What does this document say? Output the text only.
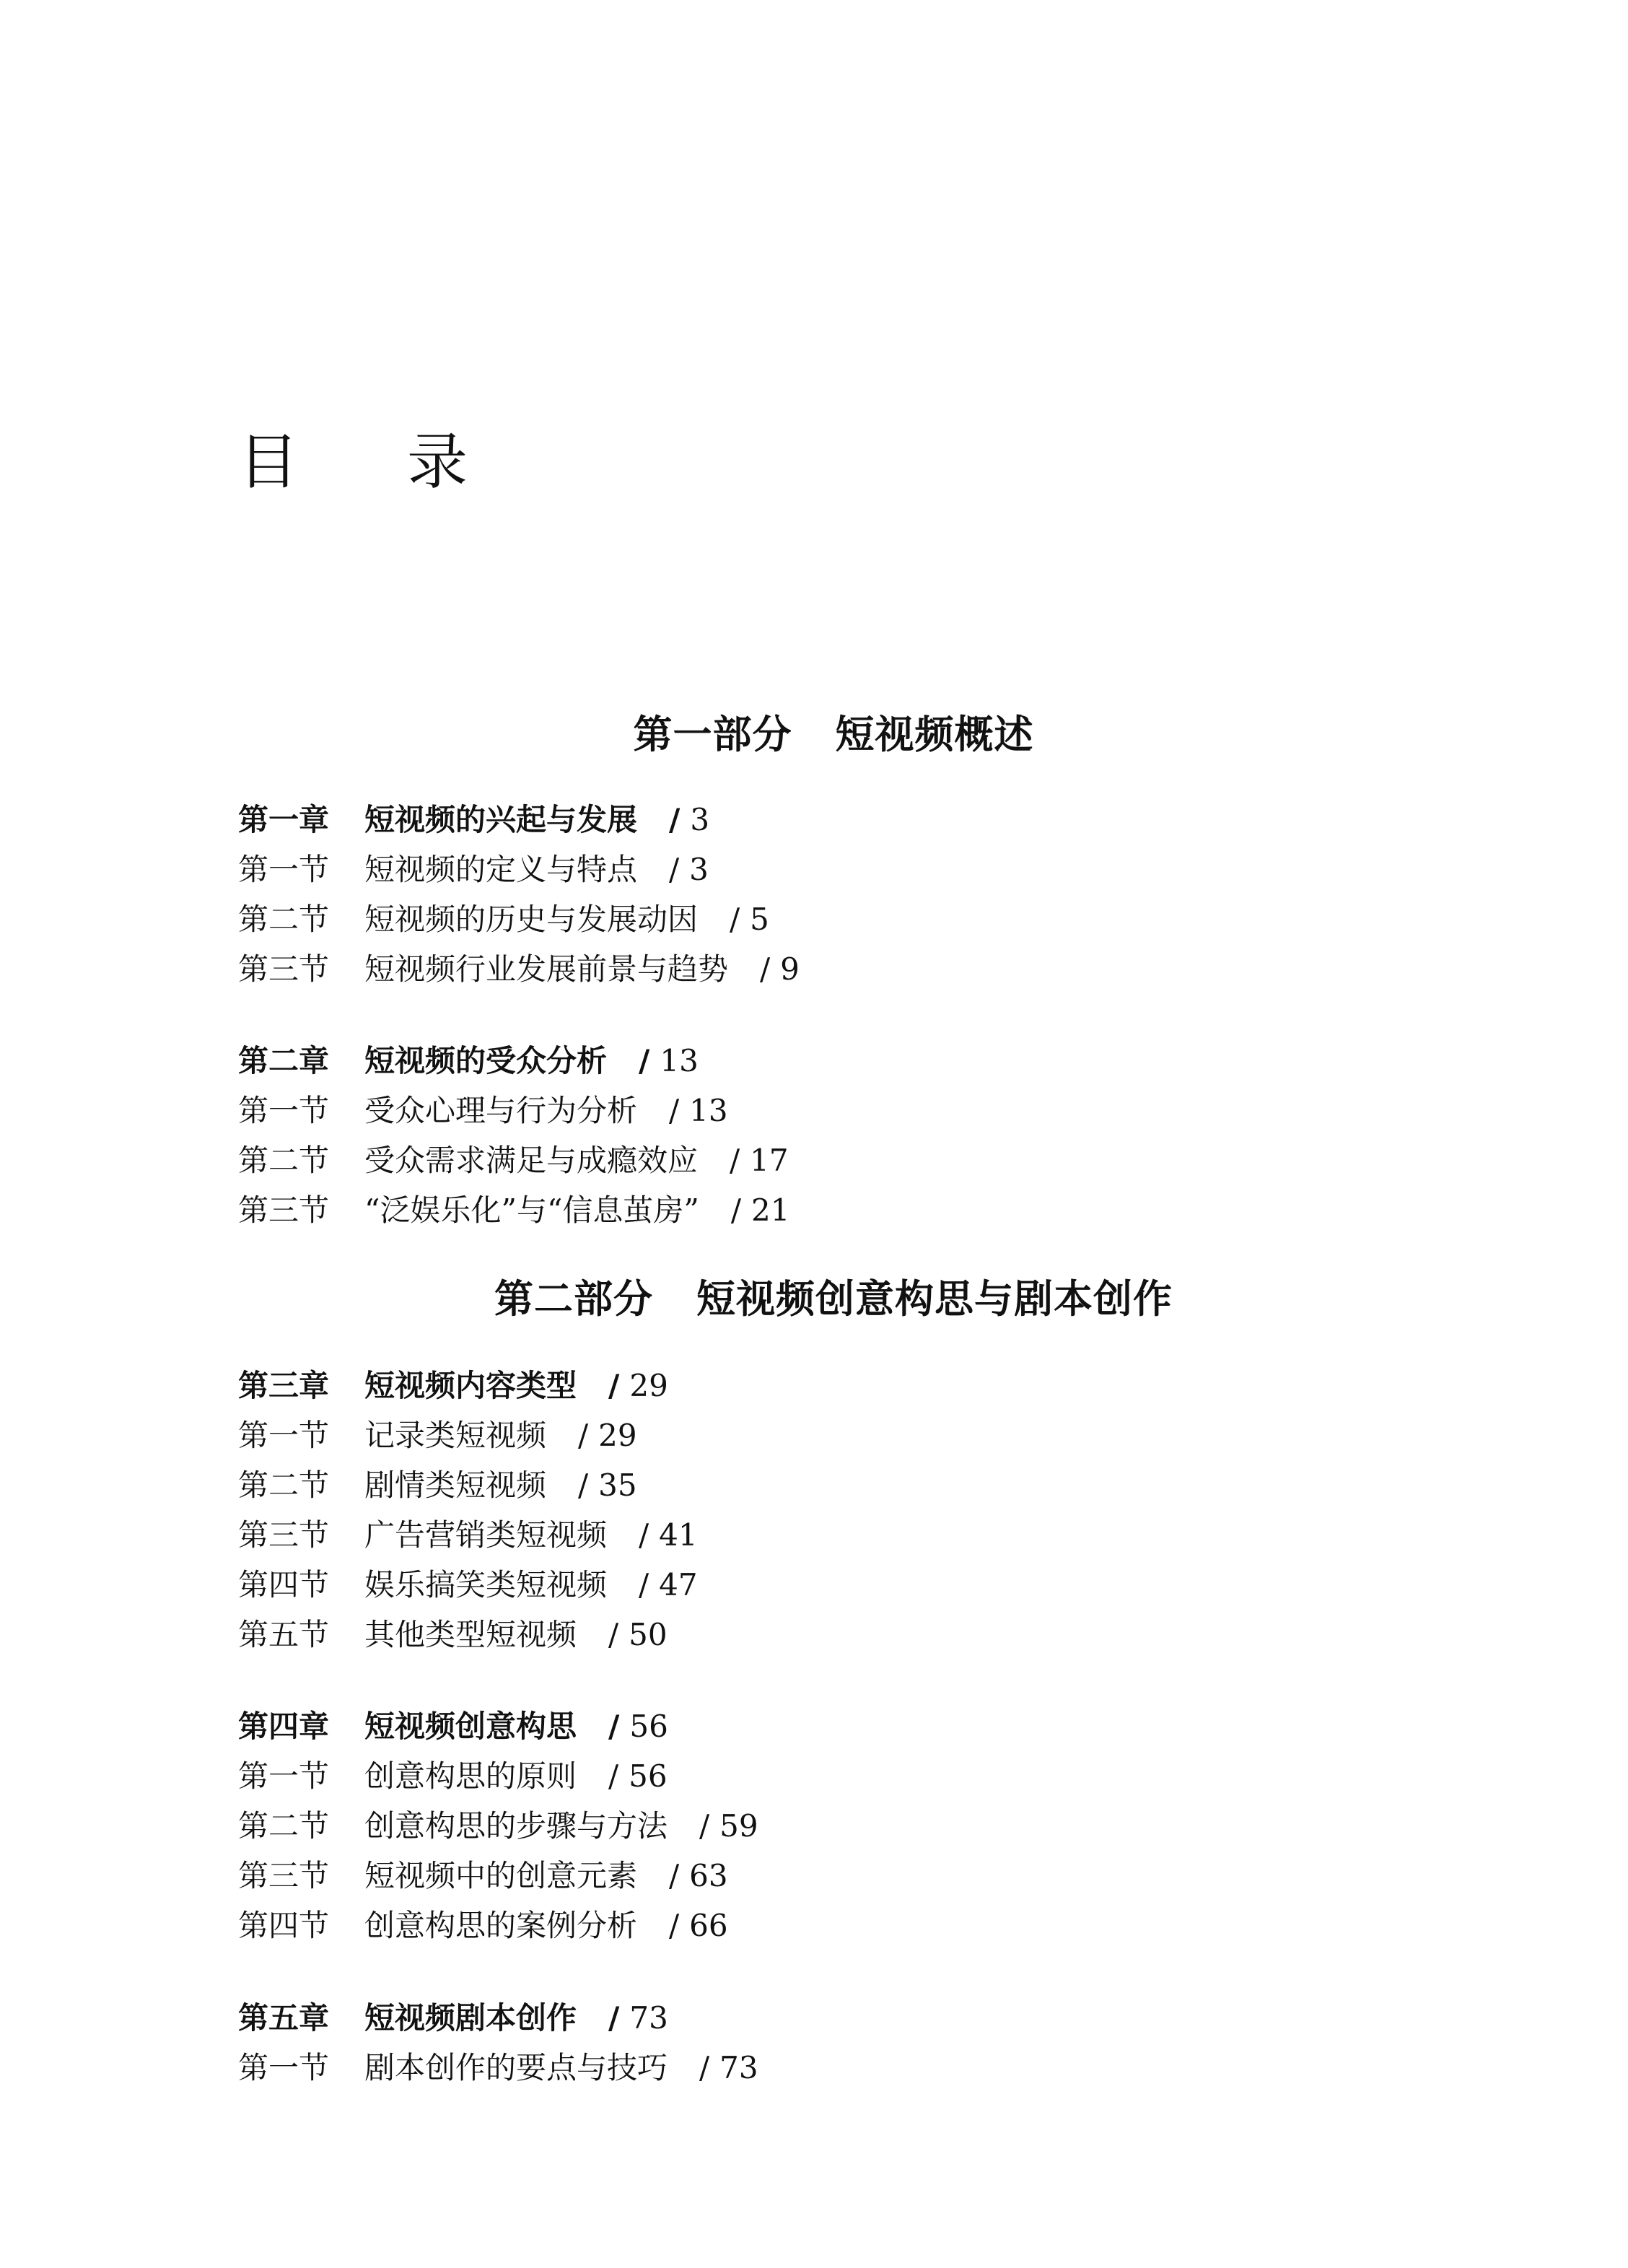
目 录
第一部分 短视频概述
第一章 短视频的兴起与发展 / 3
第一节 短视频的定义与特点 / 3
第二节 短视频的历史与发展动因 / 5
第三节 短视频行业发展前景与趋势 / 9
第二章 短视频的受众分析 / 13
第一节 受众心理与行为分析 / 13
第二节 受众需求满足与成瘾效应 / 17
第三节 “泛娱乐化”与“信息茧房” / 21
第二部分 短视频创意构思与剧本创作
第三章 短视频内容类型 / 29
第一节 记录类短视频 / 29
第二节 剧情类短视频 / 35
第三节 广告营销类短视频 / 41
第四节 娱乐搞笑类短视频 / 47
第五节 其他类型短视频 / 50
第四章 短视频创意构思 / 56
第一节 创意构思的原则 / 56
第二节 创意构思的步骤与方法 / 59
第三节 短视频中的创意元素 / 63
第四节 创意构思的案例分析 / 66
第五章 短视频剧本创作 / 73
第一节 剧本创作的要点与技巧 / 73
